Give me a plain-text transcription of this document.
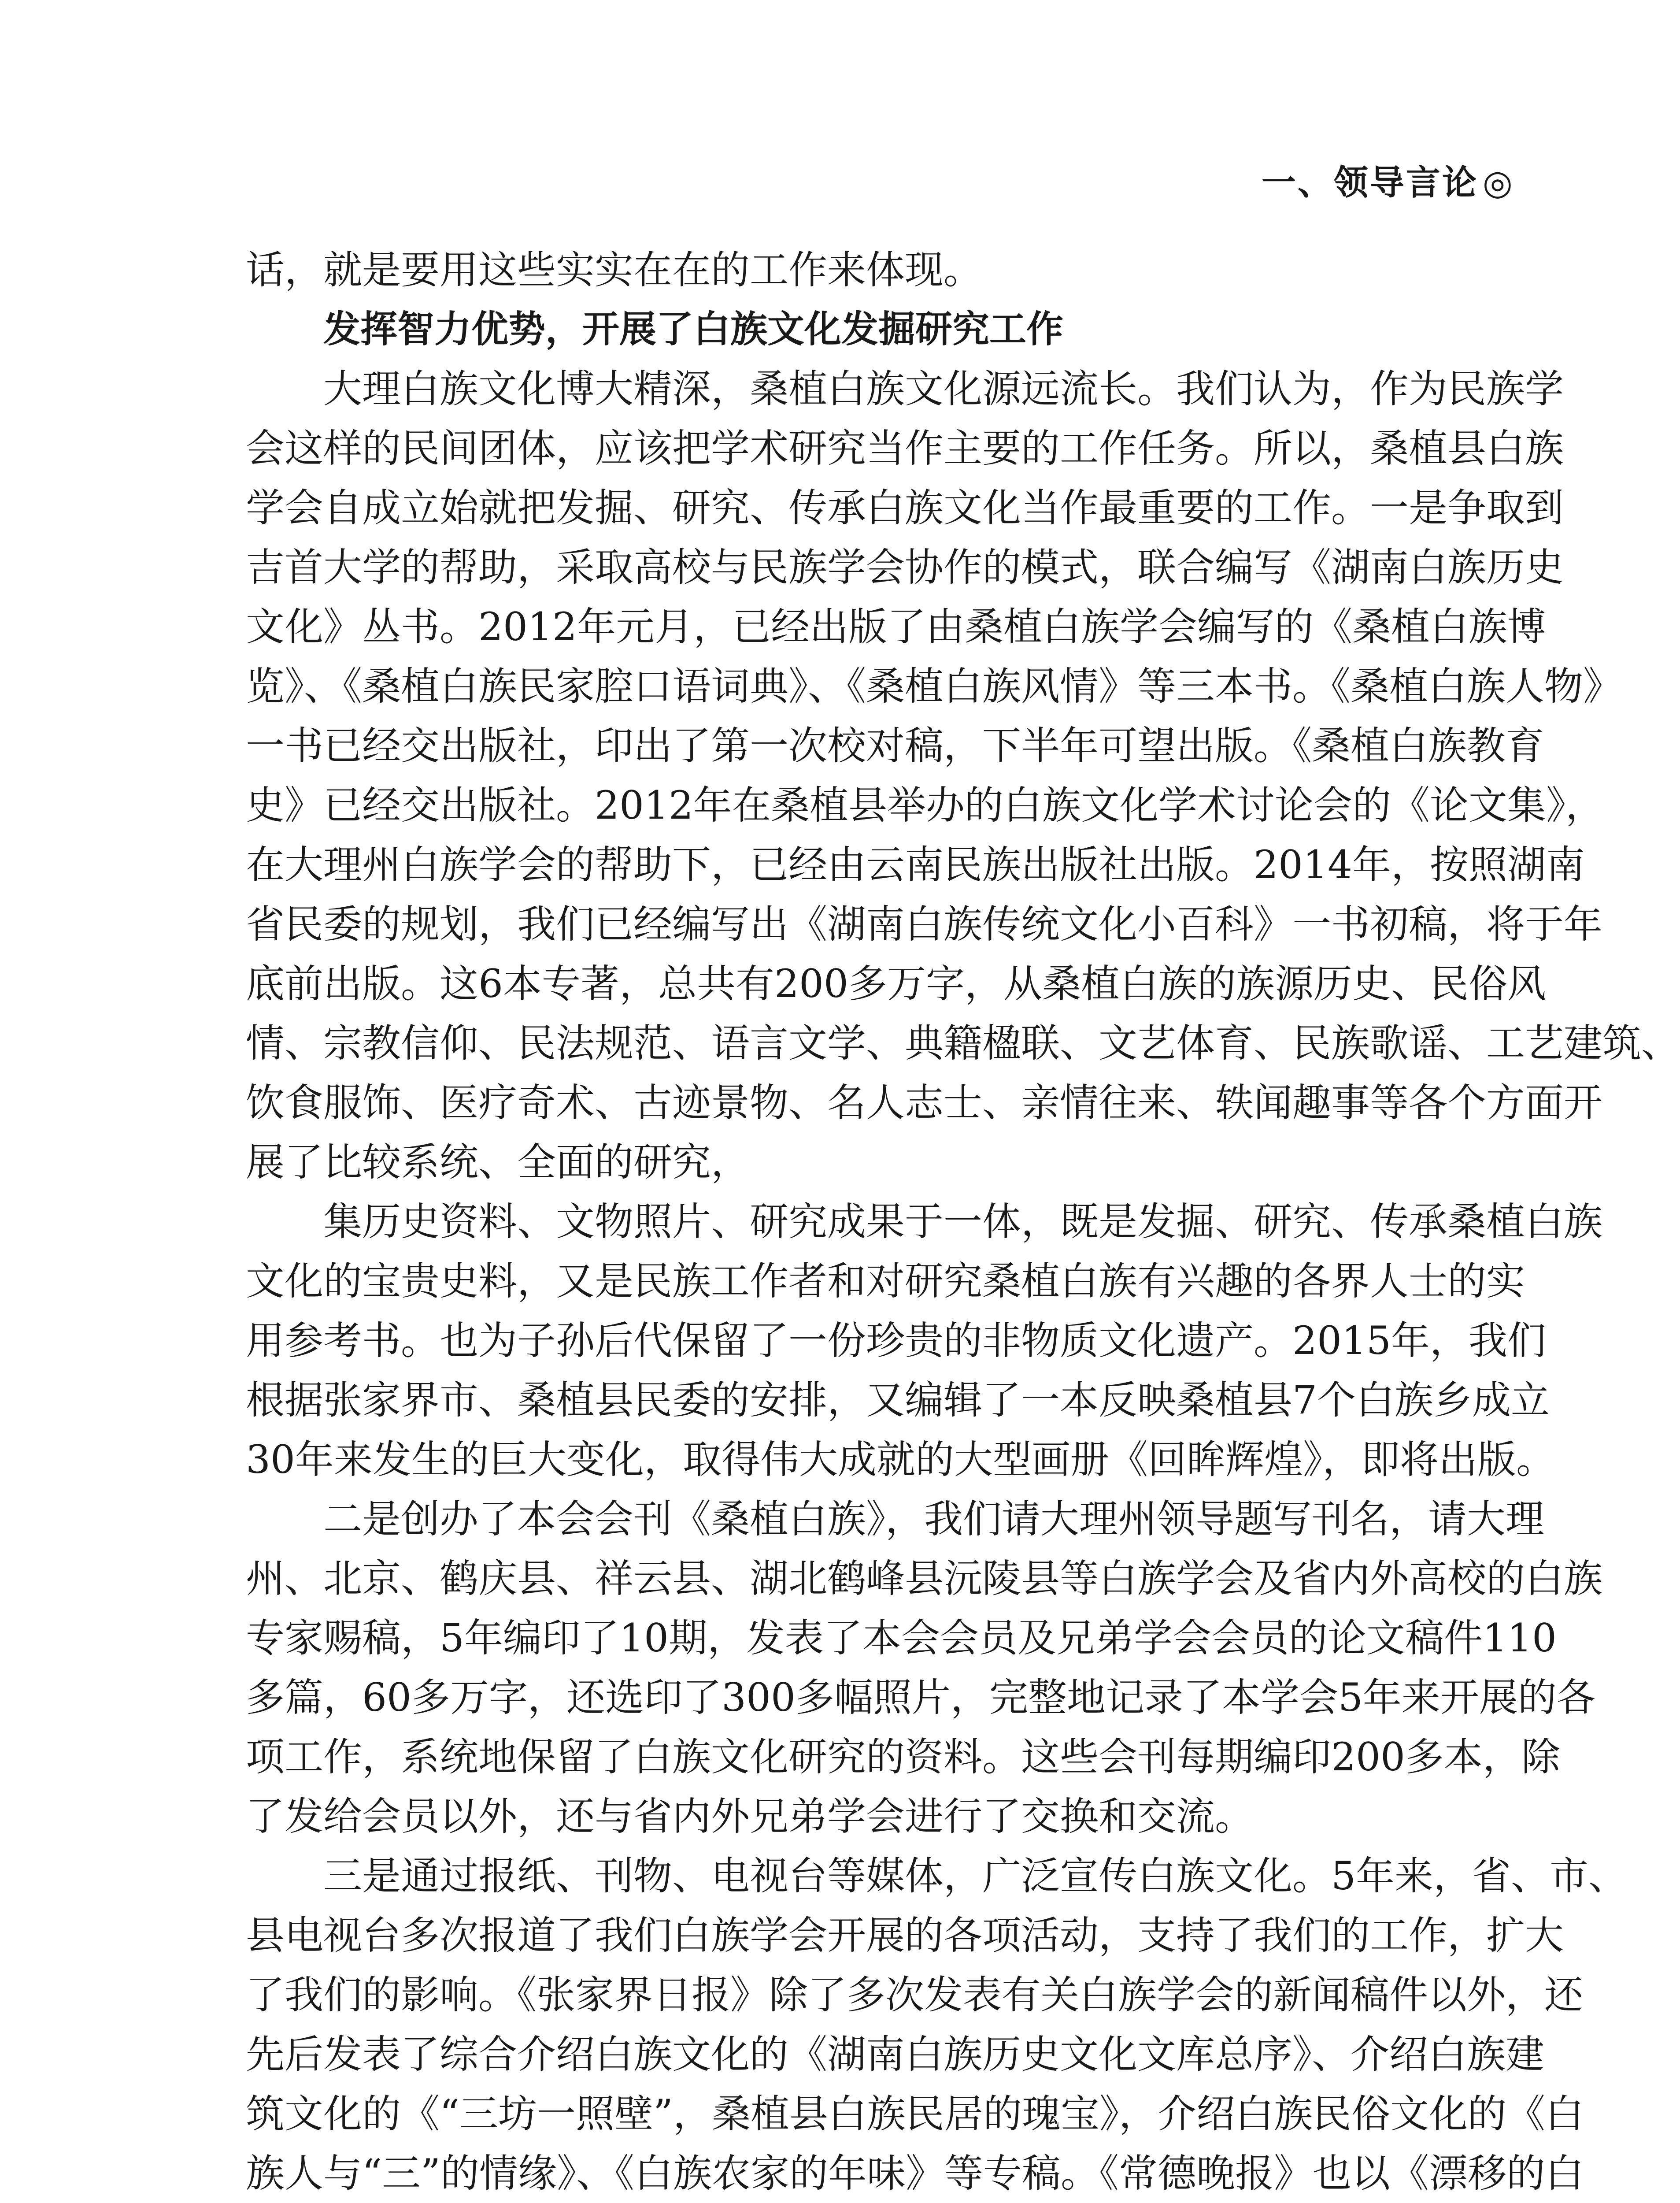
一、领导言论 ◎
话，就是要用这些实实在在的工作来体现。
发挥智力优势，开展了白族文化发掘研究工作
大理白族文化博大精深，桑植白族文化源远流长。我们认为，作为民族学
会这样的民间团体，应该把学术研究当作主要的工作任务。所以，桑植县白族
学会自成立始就把发掘、研究、传承白族文化当作最重要的工作。一是争取到
吉首大学的帮助，采取高校与民族学会协作的模式，联合编写《湖南白族历史
文化》丛书。2012年元月，已经出版了由桑植白族学会编写的《桑植白族博
览》、《桑植白族民家腔口语词典》、《桑植白族风情》等三本书。《桑植白族人物》
一书已经交出版社，印出了第一次校对稿，下半年可望出版。《桑植白族教育
史》已经交出版社。2012年在桑植县举办的白族文化学术讨论会的《论文集》，
在大理州白族学会的帮助下，已经由云南民族出版社出版。2014年，按照湖南
省民委的规划，我们已经编写出《湖南白族传统文化小百科》一书初稿，将于年
底前出版。这6本专著，总共有200多万字，从桑植白族的族源历史、民俗风
情、宗教信仰、民法规范、语言文学、典籍楹联、文艺体育、民族歌谣、工艺建筑、
饮食服饰、医疗奇术、古迹景物、名人志士、亲情往来、轶闻趣事等各个方面开
展了比较系统、全面的研究，
集历史资料、文物照片、研究成果于一体，既是发掘、研究、传承桑植白族
文化的宝贵史料，又是民族工作者和对研究桑植白族有兴趣的各界人士的实
用参考书。也为子孙后代保留了一份珍贵的非物质文化遗产。2015年，我们
根据张家界市、桑植县民委的安排，又编辑了一本反映桑植县7个白族乡成立
30年来发生的巨大变化，取得伟大成就的大型画册《回眸辉煌》，即将出版。
二是创办了本会会刊《桑植白族》，我们请大理州领导题写刊名，请大理
州、北京、鹤庆县、祥云县、湖北鹤峰县沅陵县等白族学会及省内外高校的白族
专家赐稿，5年编印了10期，发表了本会会员及兄弟学会会员的论文稿件110
多篇，60多万字，还选印了300多幅照片，完整地记录了本学会5年来开展的各
项工作，系统地保留了白族文化研究的资料。这些会刊每期编印200多本，除
了发给会员以外，还与省内外兄弟学会进行了交换和交流。
三是通过报纸、刊物、电视台等媒体，广泛宣传白族文化。5年来，省、市、
县电视台多次报道了我们白族学会开展的各项活动，支持了我们的工作，扩大
了我们的影响。《张家界日报》除了多次发表有关白族学会的新闻稿件以外，还
先后发表了综合介绍白族文化的《湖南白族历史文化文库总序》、介绍白族建
筑文化的《“三坊一照壁”，桑植县白族民居的瑰宝》，介绍白族民俗文化的《白
族人与“三”的情缘》、《白族农家的年味》等专稿。《常德晚报》也以《漂移的白
